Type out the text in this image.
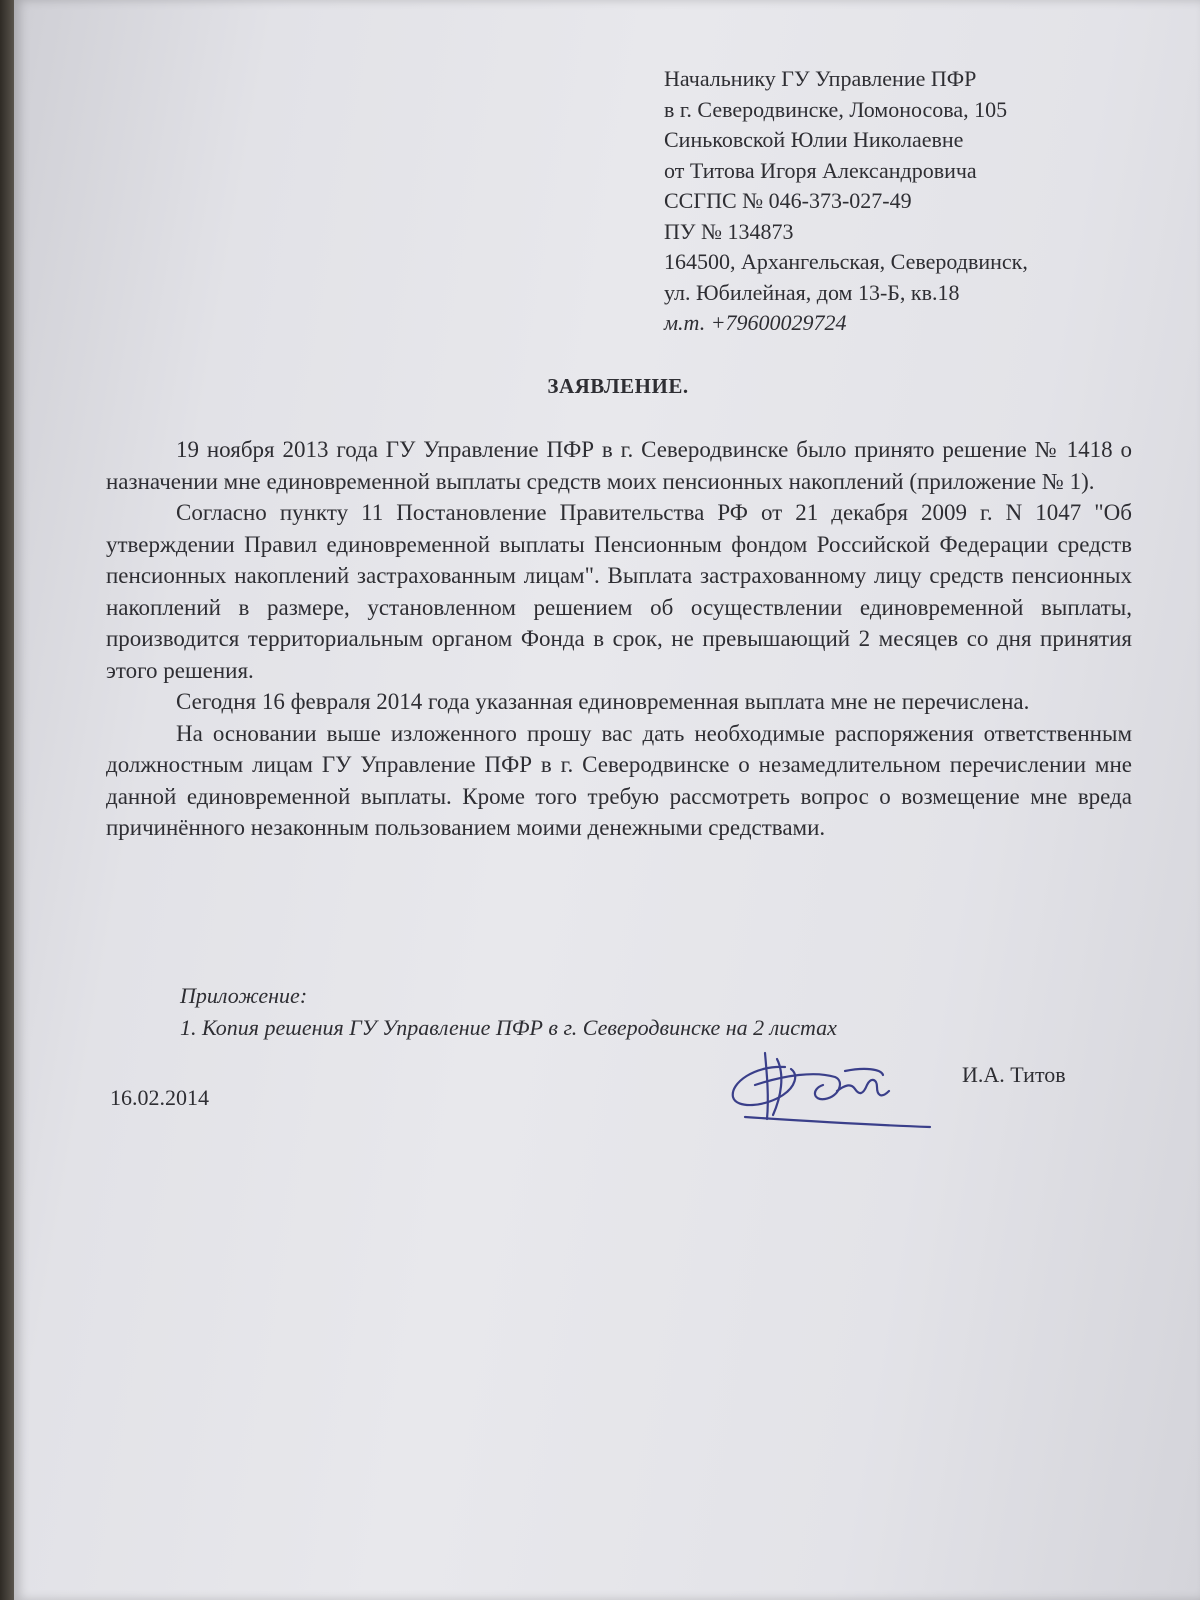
Начальнику ГУ Управление ПФР
в г. Северодвинске, Ломоносова, 105
Синьковской Юлии Николаевне
от Титова Игоря Александровича
ССГПС № 046-373-027-49
ПУ № 134873
164500, Архангельская, Северодвинск,
ул. Юбилейная, дом 13-Б, кв.18
м.т. +79600029724
ЗАЯВЛЕНИЕ.

19 ноября 2013 года ГУ Управление ПФР в г. Северодвинске было принято решение № 1418 о назначении мне единовременной выплаты средств моих пенсионных накоплений (приложение № 1).

Согласно пункту 11 Постановление Правительства РФ от 21 декабря 2009 г. N 1047 "Об утверждении Правил единовременной выплаты Пенсионным фондом Российской Федерации средств пенсионных накоплений застрахованным лицам". Выплата застрахованному лицу средств пенсионных накоплений в размере, установленном решением об осуществлении единовременной выплаты, производится территориальным органом Фонда в срок, не превышающий 2 месяцев со дня принятия этого решения.

Сегодня 16 февраля 2014 года указанная единовременная выплата мне не перечислена.

На основании выше изложенного прошу вас дать необходимые распоряжения ответственным должностным лицам ГУ Управление ПФР в г. Северодвинске о незамедлительном перечислении мне данной единовременной выплаты. Кроме того требую рассмотреть вопрос о возмещение мне вреда причинённого незаконным пользованием моими денежными средствами.

Приложение:
1. Копия решения ГУ Управление ПФР в г. Северодвинске на 2 листах
16.02.2014
И.А. Титов
